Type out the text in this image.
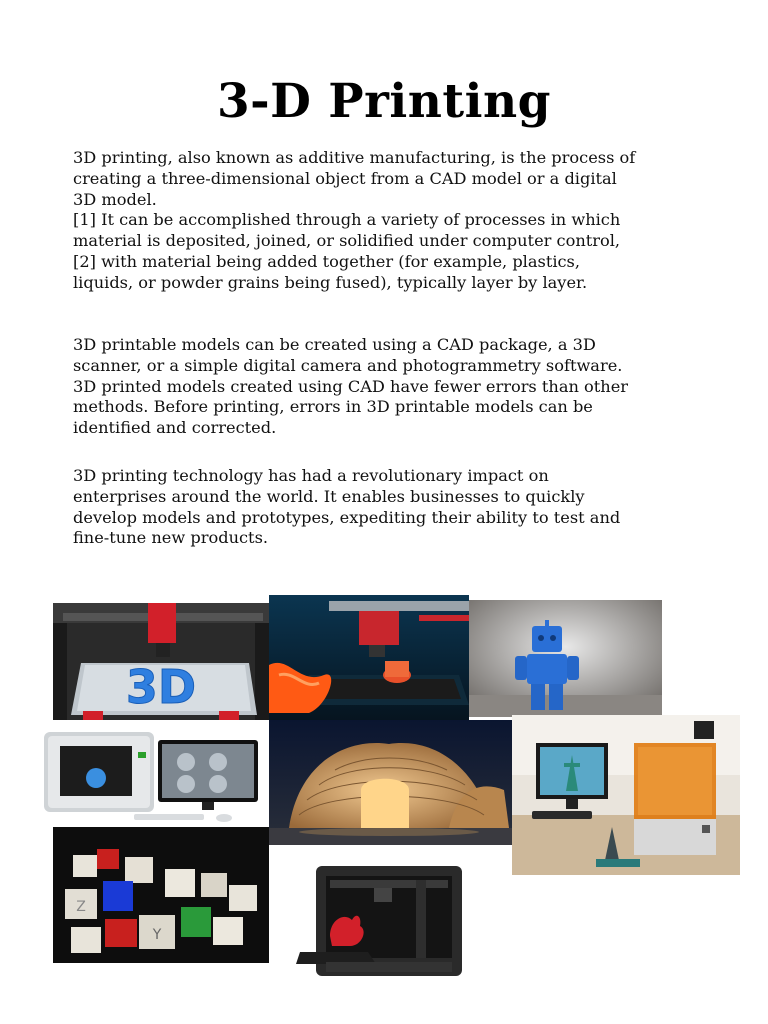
3-D Printing

3D printing, also known as additive manufacturing, is the process of
creating a three-dimensional object from a CAD model or a digital
3D model.
[1] It can be accomplished through a variety of processes in which
material is deposited, joined, or solidified under computer control,
[2] with material being added together (for example, plastics,
liquids, or powder grains being fused), typically layer by layer.

3D printable models can be created using a CAD package, a 3D
scanner, or a simple digital camera and photogrammetry software.
3D printed models created using CAD have fewer errors than other
methods. Before printing, errors in 3D printable models can be
identified and corrected.

3D printing technology has had a revolutionary impact on
enterprises around the world. It enables businesses to quickly
develop models and prototypes, expediting their ability to test and
fine-tune new products.

3D
Z
Y
